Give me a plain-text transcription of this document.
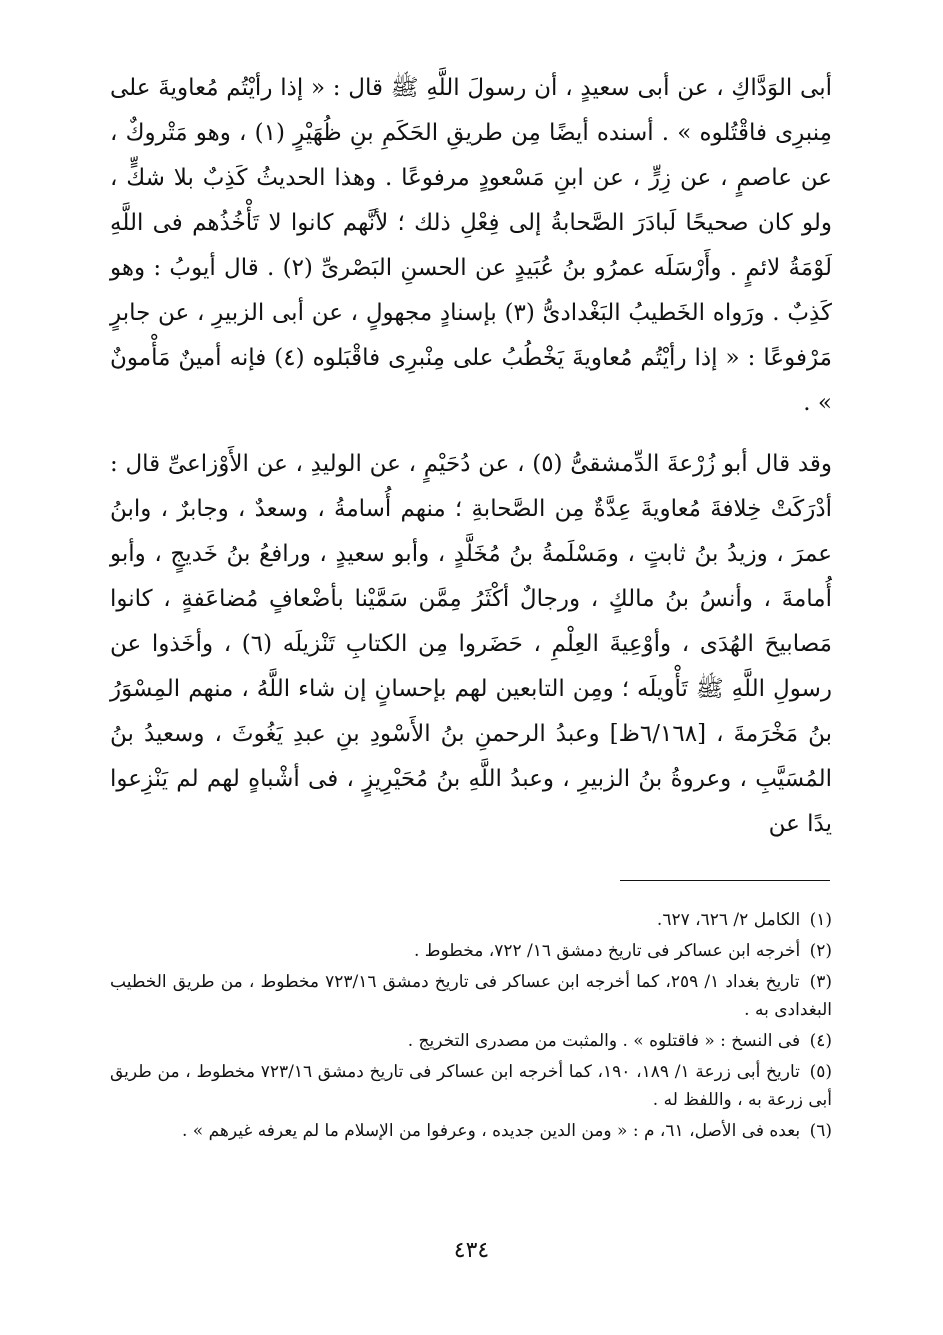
أبى الوَدَّاكِ ، عن أبى سعيدٍ ، أن رسولَ اللَّهِ ﷺ قال : « إذا رأيْتُم مُعاويةَ على مِنبرِى فاقْتُلوه » . أسنده أيضًا مِن طريقِ الحَكَمِ بنِ ظُهَيْرٍ (١) ، وهو مَتْروكٌ ، عن عاصمٍ ، عن زِرٍّ ، عن ابنِ مَسْعودٍ مرفوعًا . وهذا الحديثُ كَذِبٌ بلا شكٍّ ، ولو كان صحيحًا لَبادَرَ الصَّحابةُ إلى فِعْلِ ذلك ؛ لأنَّهم كانوا لا تَأْخُذُهم فى اللَّهِ لَوْمَةُ لائمٍ . وأَرْسَلَه عمرُو بنُ عُبَيدٍ عن الحسنِ البَصْرىِّ (٢) . قال أيوبُ : وهو كَذِبٌ . ورَواه الخَطيبُ البَغْدادىُّ (٣) بإسنادٍ مجهولٍ ، عن أبى الزبيرِ ، عن جابرٍ مَرْفوعًا : « إذا رأيْتُم مُعاويةَ يَخْطُبُ على مِنْبرِى فاقْبَلوه (٤) فإنه أمينٌ مَأْمونٌ » .

وقد قال أبو زُرْعةَ الدِّمشقىُّ (٥) ، عن دُحَيْمٍ ، عن الوليدِ ، عن الأَوْزاعىِّ قال : أدْرَكَتْ خِلافةَ مُعاويةَ عِدَّةٌ مِن الصَّحابةِ ؛ منهم أُسامةُ ، وسعدٌ ، وجابرٌ ، وابنُ عمرَ ، وزيدُ بنُ ثابتٍ ، ومَسْلَمةُ بنُ مُخَلَّدٍ ، وأبو سعيدٍ ، ورافعُ بنُ خَديجٍ ، وأبو أُمامةَ ، وأنسُ بنُ مالكٍ ، ورجالٌ أكْثَرُ مِمَّن سَمَّيْنا بأضْعافٍ مُضاعَفةٍ ، كانوا مَصابيحَ الهُدَى ، وأوْعِيةَ العِلْمِ ، حَضَروا مِن الكتابِ تَنْزيلَه (٦) ، وأخَذوا عن رسولِ اللَّهِ ﷺ تَأْويلَه ؛ ومِن التابعين لهم بإحسانٍ إن شاء اللَّهُ ، منهم المِسْوَرُ بنُ مَخْرَمةَ ، [٦/١٦٨ظ] وعبدُ الرحمنِ بنُ الأَسْودِ بنِ عبدِ يَغُوثَ ، وسعيدُ بنُ المُسَيَّبِ ، وعروةُ بنُ الزبيرِ ، وعبدُ اللَّهِ بنُ مُحَيْرِيزٍ ، فى أشْباهٍ لهم لم يَنْزِعوا يدًا عن

(١) الكامل ٢/ ٦٢٦، ٦٢٧.

(٢) أخرجه ابن عساكر فى تاريخ دمشق ١٦/ ٧٢٢، مخطوط .

(٣) تاريخ بغداد ١/ ٢٥٩، كما أخرجه ابن عساكر فى تاريخ دمشق ٧٢٣/١٦ مخطوط ، من طريق الخطيب البغدادى به .

(٤) فى النسخ : « فاقتلوه » . والمثبت من مصدرى التخريج .

(٥) تاريخ أبى زرعة ١/ ١٨٩، ١٩٠، كما أخرجه ابن عساكر فى تاريخ دمشق ٧٢٣/١٦ مخطوط ، من طريق أبى زرعة به ، واللفظ له .

(٦) بعده فى الأصل، ٦١، م : « ومن الدين جديده ، وعرفوا من الإسلام ما لم يعرفه غيرهم » .

٤٣٤
